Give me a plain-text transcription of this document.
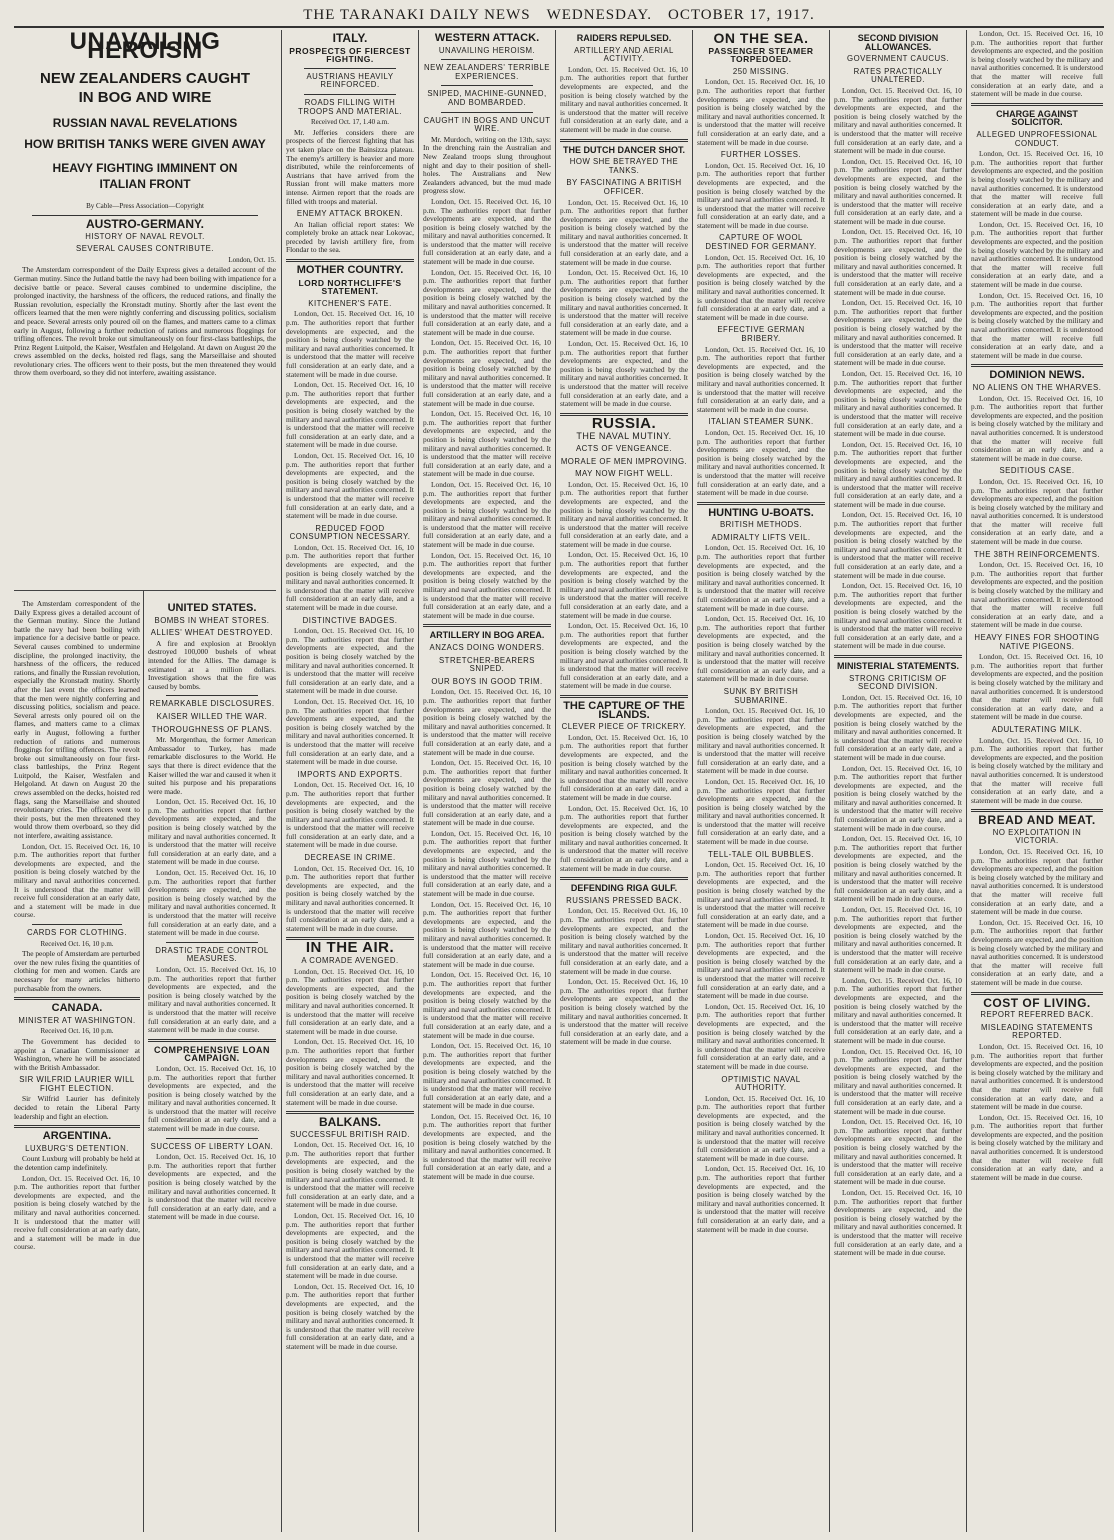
THE TARANAKI DAILY NEWS WEDNESDAY. OCTOBER 17, 1917.
UNAVAILING HEROISM
NEW ZEALANDERS CAUGHT IN BOG AND WIRE
RUSSIAN NAVAL REVELATIONS
HOW BRITISH TANKS WERE GIVEN AWAY
HEAVY FIGHTING IMMINENT ON ITALIAN FRONT
By Cable—Press Association—Copyright
AUSTRO-GERMANY.
HISTORY OF NAVAL REVOLT.
SEVERAL CAUSES CONTRIBUTE.
London, Oct. 15.

The Amsterdam correspondent of the Daily Express gives a detailed account of the German mutiny. Since the Jutland battle the navy had been boiling with impatience for a decisive battle or peace. Several causes combined to undermine discipline, the prolonged inactivity, the harshness of the officers, the reduced rations, and finally the Russian revolution, especially the Kronstadt mutiny. Shortly after the last event the officers learned that the men were nightly conferring and discussing politics, socialism and peace. Several arrests only poured oil on the flames, and matters came to a climax early in August, following a further reduction of rations and numerous floggings for trifling offences. The revolt broke out simultaneously on four first-class battleships, the Prinz Regent Luitpold, the Kaiser, Westfalen and Helgoland. At dawn on August 20 the crews assembled on the decks, hoisted red flags, sang the Marseillaise and shouted revolutionary cries. The officers went to their posts, but the men threatened they would throw them overboard, so they did not interfere, awaiting assistance.

The Amsterdam correspondent of the Daily Express gives a detailed account of the German mutiny. Since the Jutland battle the navy had been boiling with impatience for a decisive battle or peace. Several causes combined to undermine discipline, the prolonged inactivity, the harshness of the officers, the reduced rations, and finally the Russian revolution, especially the Kronstadt mutiny. Shortly after the last event the officers learned that the men were nightly conferring and discussing politics, socialism and peace. Several arrests only poured oil on the flames, and matters came to a climax early in August, following a further reduction of rations and numerous floggings for trifling offences. The revolt broke out simultaneously on four first-class battleships, the Prinz Regent Luitpold, the Kaiser, Westfalen and Helgoland. At dawn on August 20 the crews assembled on the decks, hoisted red flags, sang the Marseillaise and shouted revolutionary cries. The officers went to their posts, but the men threatened they would throw them overboard, so they did not interfere, awaiting assistance.

London, Oct. 15. Received Oct. 16, 10 p.m. The authorities report that further developments are expected, and the position is being closely watched by the military and naval authorities concerned. It is understood that the matter will receive full consideration at an early date, and a statement will be made in due course.

CARDS FOR CLOTHING.
Received Oct. 16, 10 p.m.

The people of Amsterdam are perturbed over the new rules fixing the quantities of clothing for men and women. Cards are necessary for many articles hitherto purchasable from the owners.

CANADA.
MINISTER AT WASHINGTON.
Received Oct. 16, 10 p.m.

The Government has decided to appoint a Canadian Commissioner at Washington, where he will be associated with the British Ambassador.

SIR WILFRID LAURIER WILL FIGHT ELECTION.

Sir Wilfrid Laurier has definitely decided to retain the Liberal Party leadership and fight an election.

ARGENTINA.
LUXBURG'S DETENTION.

Count Luxburg will probably be held at the detention camp indefinitely.

London, Oct. 15. Received Oct. 16, 10 p.m. The authorities report that further developments are expected, and the position is being closely watched by the military and naval authorities concerned. It is understood that the matter will receive full consideration at an early date, and a statement will be made in due course.

UNITED STATES.
BOMBS IN WHEAT STORES.
ALLIES' WHEAT DESTROYED.

A fire and explosion at Brooklyn destroyed 100,000 bushels of wheat intended for the Allies. The damage is estimated at a million dollars. Investigation shows that the fire was caused by bombs.

REMARKABLE DISCLOSURES.
KAISER WILLED THE WAR.
THOROUGHNESS OF PLANS.

Mr. Morgenthau, the former American Ambassador to Turkey, has made remarkable disclosures to the World. He says that there is direct evidence that the Kaiser willed the war and caused it when it suited his purpose and his preparations were made.

London, Oct. 15. Received Oct. 16, 10 p.m. The authorities report that further developments are expected, and the position is being closely watched by the military and naval authorities concerned. It is understood that the matter will receive full consideration at an early date, and a statement will be made in due course.

London, Oct. 15. Received Oct. 16, 10 p.m. The authorities report that further developments are expected, and the position is being closely watched by the military and naval authorities concerned. It is understood that the matter will receive full consideration at an early date, and a statement will be made in due course.

DRASTIC TRADE CONTROL MEASURES.

London, Oct. 15. Received Oct. 16, 10 p.m. The authorities report that further developments are expected, and the position is being closely watched by the military and naval authorities concerned. It is understood that the matter will receive full consideration at an early date, and a statement will be made in due course.

COMPREHENSIVE LOAN CAMPAIGN.

London, Oct. 15. Received Oct. 16, 10 p.m. The authorities report that further developments are expected, and the position is being closely watched by the military and naval authorities concerned. It is understood that the matter will receive full consideration at an early date, and a statement will be made in due course.

SUCCESS OF LIBERTY LOAN.

London, Oct. 15. Received Oct. 16, 10 p.m. The authorities report that further developments are expected, and the position is being closely watched by the military and naval authorities concerned. It is understood that the matter will receive full consideration at an early date, and a statement will be made in due course.

ITALY.
PROSPECTS OF FIERCEST FIGHTING.
AUSTRIANS HEAVILY REINFORCED.
ROADS FILLING WITH TROOPS AND MATERIAL.
Received Oct. 17, 1.40 a.m.

Mr. Jefferies considers there are prospects of the fiercest fighting that has yet taken place on the Bainsizza plateau. The enemy's artillery is heavier and more distributed, while the reinforcements of Austrians that have arrived from the Russian front will make matters more intense. Airmen report that the roads are filled with troops and material.

ENEMY ATTACK BROKEN.

An Italian official report states: We completely broke an attack near Lokovac, preceded by lavish artillery fire, from Flondar to the sea.

MOTHER COUNTRY.
LORD NORTHCLIFFE'S STATEMENT.
KITCHENER'S FATE.

London, Oct. 15. Received Oct. 16, 10 p.m. The authorities report that further developments are expected, and the position is being closely watched by the military and naval authorities concerned. It is understood that the matter will receive full consideration at an early date, and a statement will be made in due course.

London, Oct. 15. Received Oct. 16, 10 p.m. The authorities report that further developments are expected, and the position is being closely watched by the military and naval authorities concerned. It is understood that the matter will receive full consideration at an early date, and a statement will be made in due course.

London, Oct. 15. Received Oct. 16, 10 p.m. The authorities report that further developments are expected, and the position is being closely watched by the military and naval authorities concerned. It is understood that the matter will receive full consideration at an early date, and a statement will be made in due course.

REDUCED FOOD CONSUMPTION NECESSARY.

London, Oct. 15. Received Oct. 16, 10 p.m. The authorities report that further developments are expected, and the position is being closely watched by the military and naval authorities concerned. It is understood that the matter will receive full consideration at an early date, and a statement will be made in due course.

DISTINCTIVE BADGES.

London, Oct. 15. Received Oct. 16, 10 p.m. The authorities report that further developments are expected, and the position is being closely watched by the military and naval authorities concerned. It is understood that the matter will receive full consideration at an early date, and a statement will be made in due course.

London, Oct. 15. Received Oct. 16, 10 p.m. The authorities report that further developments are expected, and the position is being closely watched by the military and naval authorities concerned. It is understood that the matter will receive full consideration at an early date, and a statement will be made in due course.

IMPORTS AND EXPORTS.

London, Oct. 15. Received Oct. 16, 10 p.m. The authorities report that further developments are expected, and the position is being closely watched by the military and naval authorities concerned. It is understood that the matter will receive full consideration at an early date, and a statement will be made in due course.

DECREASE IN CRIME.

London, Oct. 15. Received Oct. 16, 10 p.m. The authorities report that further developments are expected, and the position is being closely watched by the military and naval authorities concerned. It is understood that the matter will receive full consideration at an early date, and a statement will be made in due course.

IN THE AIR.
A COMRADE AVENGED.

London, Oct. 15. Received Oct. 16, 10 p.m. The authorities report that further developments are expected, and the position is being closely watched by the military and naval authorities concerned. It is understood that the matter will receive full consideration at an early date, and a statement will be made in due course.

London, Oct. 15. Received Oct. 16, 10 p.m. The authorities report that further developments are expected, and the position is being closely watched by the military and naval authorities concerned. It is understood that the matter will receive full consideration at an early date, and a statement will be made in due course.

BALKANS.
SUCCESSFUL BRITISH RAID.

London, Oct. 15. Received Oct. 16, 10 p.m. The authorities report that further developments are expected, and the position is being closely watched by the military and naval authorities concerned. It is understood that the matter will receive full consideration at an early date, and a statement will be made in due course.

London, Oct. 15. Received Oct. 16, 10 p.m. The authorities report that further developments are expected, and the position is being closely watched by the military and naval authorities concerned. It is understood that the matter will receive full consideration at an early date, and a statement will be made in due course.

London, Oct. 15. Received Oct. 16, 10 p.m. The authorities report that further developments are expected, and the position is being closely watched by the military and naval authorities concerned. It is understood that the matter will receive full consideration at an early date, and a statement will be made in due course.

WESTERN ATTACK.
UNAVAILING HEROISM.
NEW ZEALANDERS' TERRIBLE EXPERIENCES.
SNIPED, MACHINE-GUNNED, AND BOMBARDED.
CAUGHT IN BOGS AND UNCUT WIRE.

Mr. Murdoch, writing on the 13th, says: In the drenching rain the Australian and New Zealand troops slung throughout night and day to their position of shell-holes. The Australians and New Zealanders advanced, but the mud made progress slow.

London, Oct. 15. Received Oct. 16, 10 p.m. The authorities report that further developments are expected, and the position is being closely watched by the military and naval authorities concerned. It is understood that the matter will receive full consideration at an early date, and a statement will be made in due course.

London, Oct. 15. Received Oct. 16, 10 p.m. The authorities report that further developments are expected, and the position is being closely watched by the military and naval authorities concerned. It is understood that the matter will receive full consideration at an early date, and a statement will be made in due course.

London, Oct. 15. Received Oct. 16, 10 p.m. The authorities report that further developments are expected, and the position is being closely watched by the military and naval authorities concerned. It is understood that the matter will receive full consideration at an early date, and a statement will be made in due course.

London, Oct. 15. Received Oct. 16, 10 p.m. The authorities report that further developments are expected, and the position is being closely watched by the military and naval authorities concerned. It is understood that the matter will receive full consideration at an early date, and a statement will be made in due course.

London, Oct. 15. Received Oct. 16, 10 p.m. The authorities report that further developments are expected, and the position is being closely watched by the military and naval authorities concerned. It is understood that the matter will receive full consideration at an early date, and a statement will be made in due course.

London, Oct. 15. Received Oct. 16, 10 p.m. The authorities report that further developments are expected, and the position is being closely watched by the military and naval authorities concerned. It is understood that the matter will receive full consideration at an early date, and a statement will be made in due course.

ARTILLERY IN BOG AREA.
ANZACS DOING WONDERS.
STRETCHER-BEARERS SNIPED.
OUR BOYS IN GOOD TRIM.

London, Oct. 15. Received Oct. 16, 10 p.m. The authorities report that further developments are expected, and the position is being closely watched by the military and naval authorities concerned. It is understood that the matter will receive full consideration at an early date, and a statement will be made in due course.

London, Oct. 15. Received Oct. 16, 10 p.m. The authorities report that further developments are expected, and the position is being closely watched by the military and naval authorities concerned. It is understood that the matter will receive full consideration at an early date, and a statement will be made in due course.

London, Oct. 15. Received Oct. 16, 10 p.m. The authorities report that further developments are expected, and the position is being closely watched by the military and naval authorities concerned. It is understood that the matter will receive full consideration at an early date, and a statement will be made in due course.

London, Oct. 15. Received Oct. 16, 10 p.m. The authorities report that further developments are expected, and the position is being closely watched by the military and naval authorities concerned. It is understood that the matter will receive full consideration at an early date, and a statement will be made in due course.

London, Oct. 15. Received Oct. 16, 10 p.m. The authorities report that further developments are expected, and the position is being closely watched by the military and naval authorities concerned. It is understood that the matter will receive full consideration at an early date, and a statement will be made in due course.

London, Oct. 15. Received Oct. 16, 10 p.m. The authorities report that further developments are expected, and the position is being closely watched by the military and naval authorities concerned. It is understood that the matter will receive full consideration at an early date, and a statement will be made in due course.

London, Oct. 15. Received Oct. 16, 10 p.m. The authorities report that further developments are expected, and the position is being closely watched by the military and naval authorities concerned. It is understood that the matter will receive full consideration at an early date, and a statement will be made in due course.

RAIDERS REPULSED.
ARTILLERY AND AERIAL ACTIVITY.

London, Oct. 15. Received Oct. 16, 10 p.m. The authorities report that further developments are expected, and the position is being closely watched by the military and naval authorities concerned. It is understood that the matter will receive full consideration at an early date, and a statement will be made in due course.

THE DUTCH DANCER SHOT.
HOW SHE BETRAYED THE TANKS.
BY FASCINATING A BRITISH OFFICER.

London, Oct. 15. Received Oct. 16, 10 p.m. The authorities report that further developments are expected, and the position is being closely watched by the military and naval authorities concerned. It is understood that the matter will receive full consideration at an early date, and a statement will be made in due course.

London, Oct. 15. Received Oct. 16, 10 p.m. The authorities report that further developments are expected, and the position is being closely watched by the military and naval authorities concerned. It is understood that the matter will receive full consideration at an early date, and a statement will be made in due course.

London, Oct. 15. Received Oct. 16, 10 p.m. The authorities report that further developments are expected, and the position is being closely watched by the military and naval authorities concerned. It is understood that the matter will receive full consideration at an early date, and a statement will be made in due course.

RUSSIA.
THE NAVAL MUTINY.
ACTS OF VENGEANCE.
MORALE OF MEN IMPROVING.
MAY NOW FIGHT WELL.

London, Oct. 15. Received Oct. 16, 10 p.m. The authorities report that further developments are expected, and the position is being closely watched by the military and naval authorities concerned. It is understood that the matter will receive full consideration at an early date, and a statement will be made in due course.

London, Oct. 15. Received Oct. 16, 10 p.m. The authorities report that further developments are expected, and the position is being closely watched by the military and naval authorities concerned. It is understood that the matter will receive full consideration at an early date, and a statement will be made in due course.

London, Oct. 15. Received Oct. 16, 10 p.m. The authorities report that further developments are expected, and the position is being closely watched by the military and naval authorities concerned. It is understood that the matter will receive full consideration at an early date, and a statement will be made in due course.

THE CAPTURE OF THE ISLANDS.
CLEVER PIECE OF TRICKERY.

London, Oct. 15. Received Oct. 16, 10 p.m. The authorities report that further developments are expected, and the position is being closely watched by the military and naval authorities concerned. It is understood that the matter will receive full consideration at an early date, and a statement will be made in due course.

London, Oct. 15. Received Oct. 16, 10 p.m. The authorities report that further developments are expected, and the position is being closely watched by the military and naval authorities concerned. It is understood that the matter will receive full consideration at an early date, and a statement will be made in due course.

DEFENDING RIGA GULF.
RUSSIANS PRESSED BACK.

London, Oct. 15. Received Oct. 16, 10 p.m. The authorities report that further developments are expected, and the position is being closely watched by the military and naval authorities concerned. It is understood that the matter will receive full consideration at an early date, and a statement will be made in due course.

London, Oct. 15. Received Oct. 16, 10 p.m. The authorities report that further developments are expected, and the position is being closely watched by the military and naval authorities concerned. It is understood that the matter will receive full consideration at an early date, and a statement will be made in due course.

ON THE SEA.
PASSENGER STEAMER TORPEDOED.
250 MISSING.

London, Oct. 15. Received Oct. 16, 10 p.m. The authorities report that further developments are expected, and the position is being closely watched by the military and naval authorities concerned. It is understood that the matter will receive full consideration at an early date, and a statement will be made in due course.

FURTHER LOSSES.

London, Oct. 15. Received Oct. 16, 10 p.m. The authorities report that further developments are expected, and the position is being closely watched by the military and naval authorities concerned. It is understood that the matter will receive full consideration at an early date, and a statement will be made in due course.

CAPTURE OF WOOL DESTINED FOR GERMANY.

London, Oct. 15. Received Oct. 16, 10 p.m. The authorities report that further developments are expected, and the position is being closely watched by the military and naval authorities concerned. It is understood that the matter will receive full consideration at an early date, and a statement will be made in due course.

EFFECTIVE GERMAN BRIBERY.

London, Oct. 15. Received Oct. 16, 10 p.m. The authorities report that further developments are expected, and the position is being closely watched by the military and naval authorities concerned. It is understood that the matter will receive full consideration at an early date, and a statement will be made in due course.

ITALIAN STEAMER SUNK.

London, Oct. 15. Received Oct. 16, 10 p.m. The authorities report that further developments are expected, and the position is being closely watched by the military and naval authorities concerned. It is understood that the matter will receive full consideration at an early date, and a statement will be made in due course.

HUNTING U-BOATS.
BRITISH METHODS.
ADMIRALTY LIFTS VEIL.

London, Oct. 15. Received Oct. 16, 10 p.m. The authorities report that further developments are expected, and the position is being closely watched by the military and naval authorities concerned. It is understood that the matter will receive full consideration at an early date, and a statement will be made in due course.

London, Oct. 15. Received Oct. 16, 10 p.m. The authorities report that further developments are expected, and the position is being closely watched by the military and naval authorities concerned. It is understood that the matter will receive full consideration at an early date, and a statement will be made in due course.

SUNK BY BRITISH SUBMARINE.

London, Oct. 15. Received Oct. 16, 10 p.m. The authorities report that further developments are expected, and the position is being closely watched by the military and naval authorities concerned. It is understood that the matter will receive full consideration at an early date, and a statement will be made in due course.

London, Oct. 15. Received Oct. 16, 10 p.m. The authorities report that further developments are expected, and the position is being closely watched by the military and naval authorities concerned. It is understood that the matter will receive full consideration at an early date, and a statement will be made in due course.

TELL-TALE OIL BUBBLES.

London, Oct. 15. Received Oct. 16, 10 p.m. The authorities report that further developments are expected, and the position is being closely watched by the military and naval authorities concerned. It is understood that the matter will receive full consideration at an early date, and a statement will be made in due course.

London, Oct. 15. Received Oct. 16, 10 p.m. The authorities report that further developments are expected, and the position is being closely watched by the military and naval authorities concerned. It is understood that the matter will receive full consideration at an early date, and a statement will be made in due course.

London, Oct. 15. Received Oct. 16, 10 p.m. The authorities report that further developments are expected, and the position is being closely watched by the military and naval authorities concerned. It is understood that the matter will receive full consideration at an early date, and a statement will be made in due course.

OPTIMISTIC NAVAL AUTHORITY.

London, Oct. 15. Received Oct. 16, 10 p.m. The authorities report that further developments are expected, and the position is being closely watched by the military and naval authorities concerned. It is understood that the matter will receive full consideration at an early date, and a statement will be made in due course.

London, Oct. 15. Received Oct. 16, 10 p.m. The authorities report that further developments are expected, and the position is being closely watched by the military and naval authorities concerned. It is understood that the matter will receive full consideration at an early date, and a statement will be made in due course.

SECOND DIVISION ALLOWANCES.
GOVERNMENT CAUCUS.
RATES PRACTICALLY UNALTERED.

London, Oct. 15. Received Oct. 16, 10 p.m. The authorities report that further developments are expected, and the position is being closely watched by the military and naval authorities concerned. It is understood that the matter will receive full consideration at an early date, and a statement will be made in due course.

London, Oct. 15. Received Oct. 16, 10 p.m. The authorities report that further developments are expected, and the position is being closely watched by the military and naval authorities concerned. It is understood that the matter will receive full consideration at an early date, and a statement will be made in due course.

London, Oct. 15. Received Oct. 16, 10 p.m. The authorities report that further developments are expected, and the position is being closely watched by the military and naval authorities concerned. It is understood that the matter will receive full consideration at an early date, and a statement will be made in due course.

London, Oct. 15. Received Oct. 16, 10 p.m. The authorities report that further developments are expected, and the position is being closely watched by the military and naval authorities concerned. It is understood that the matter will receive full consideration at an early date, and a statement will be made in due course.

London, Oct. 15. Received Oct. 16, 10 p.m. The authorities report that further developments are expected, and the position is being closely watched by the military and naval authorities concerned. It is understood that the matter will receive full consideration at an early date, and a statement will be made in due course.

London, Oct. 15. Received Oct. 16, 10 p.m. The authorities report that further developments are expected, and the position is being closely watched by the military and naval authorities concerned. It is understood that the matter will receive full consideration at an early date, and a statement will be made in due course.

London, Oct. 15. Received Oct. 16, 10 p.m. The authorities report that further developments are expected, and the position is being closely watched by the military and naval authorities concerned. It is understood that the matter will receive full consideration at an early date, and a statement will be made in due course.

London, Oct. 15. Received Oct. 16, 10 p.m. The authorities report that further developments are expected, and the position is being closely watched by the military and naval authorities concerned. It is understood that the matter will receive full consideration at an early date, and a statement will be made in due course.

MINISTERIAL STATEMENTS.
STRONG CRITICISM OF SECOND DIVISION.

London, Oct. 15. Received Oct. 16, 10 p.m. The authorities report that further developments are expected, and the position is being closely watched by the military and naval authorities concerned. It is understood that the matter will receive full consideration at an early date, and a statement will be made in due course.

London, Oct. 15. Received Oct. 16, 10 p.m. The authorities report that further developments are expected, and the position is being closely watched by the military and naval authorities concerned. It is understood that the matter will receive full consideration at an early date, and a statement will be made in due course.

London, Oct. 15. Received Oct. 16, 10 p.m. The authorities report that further developments are expected, and the position is being closely watched by the military and naval authorities concerned. It is understood that the matter will receive full consideration at an early date, and a statement will be made in due course.

London, Oct. 15. Received Oct. 16, 10 p.m. The authorities report that further developments are expected, and the position is being closely watched by the military and naval authorities concerned. It is understood that the matter will receive full consideration at an early date, and a statement will be made in due course.

London, Oct. 15. Received Oct. 16, 10 p.m. The authorities report that further developments are expected, and the position is being closely watched by the military and naval authorities concerned. It is understood that the matter will receive full consideration at an early date, and a statement will be made in due course.

London, Oct. 15. Received Oct. 16, 10 p.m. The authorities report that further developments are expected, and the position is being closely watched by the military and naval authorities concerned. It is understood that the matter will receive full consideration at an early date, and a statement will be made in due course.

London, Oct. 15. Received Oct. 16, 10 p.m. The authorities report that further developments are expected, and the position is being closely watched by the military and naval authorities concerned. It is understood that the matter will receive full consideration at an early date, and a statement will be made in due course.

London, Oct. 15. Received Oct. 16, 10 p.m. The authorities report that further developments are expected, and the position is being closely watched by the military and naval authorities concerned. It is understood that the matter will receive full consideration at an early date, and a statement will be made in due course.

London, Oct. 15. Received Oct. 16, 10 p.m. The authorities report that further developments are expected, and the position is being closely watched by the military and naval authorities concerned. It is understood that the matter will receive full consideration at an early date, and a statement will be made in due course.

CHARGE AGAINST SOLICITOR.
ALLEGED UNPROFESSIONAL CONDUCT.

London, Oct. 15. Received Oct. 16, 10 p.m. The authorities report that further developments are expected, and the position is being closely watched by the military and naval authorities concerned. It is understood that the matter will receive full consideration at an early date, and a statement will be made in due course.

London, Oct. 15. Received Oct. 16, 10 p.m. The authorities report that further developments are expected, and the position is being closely watched by the military and naval authorities concerned. It is understood that the matter will receive full consideration at an early date, and a statement will be made in due course.

London, Oct. 15. Received Oct. 16, 10 p.m. The authorities report that further developments are expected, and the position is being closely watched by the military and naval authorities concerned. It is understood that the matter will receive full consideration at an early date, and a statement will be made in due course.

DOMINION NEWS.
NO ALIENS ON THE WHARVES.

London, Oct. 15. Received Oct. 16, 10 p.m. The authorities report that further developments are expected, and the position is being closely watched by the military and naval authorities concerned. It is understood that the matter will receive full consideration at an early date, and a statement will be made in due course.

SEDITIOUS CASE.

London, Oct. 15. Received Oct. 16, 10 p.m. The authorities report that further developments are expected, and the position is being closely watched by the military and naval authorities concerned. It is understood that the matter will receive full consideration at an early date, and a statement will be made in due course.

THE 38TH REINFORCEMENTS.

London, Oct. 15. Received Oct. 16, 10 p.m. The authorities report that further developments are expected, and the position is being closely watched by the military and naval authorities concerned. It is understood that the matter will receive full consideration at an early date, and a statement will be made in due course.

HEAVY FINES FOR SHOOTING NATIVE PIGEONS.

London, Oct. 15. Received Oct. 16, 10 p.m. The authorities report that further developments are expected, and the position is being closely watched by the military and naval authorities concerned. It is understood that the matter will receive full consideration at an early date, and a statement will be made in due course.

ADULTERATING MILK.

London, Oct. 15. Received Oct. 16, 10 p.m. The authorities report that further developments are expected, and the position is being closely watched by the military and naval authorities concerned. It is understood that the matter will receive full consideration at an early date, and a statement will be made in due course.

BREAD AND MEAT.
NO EXPLOITATION IN VICTORIA.

London, Oct. 15. Received Oct. 16, 10 p.m. The authorities report that further developments are expected, and the position is being closely watched by the military and naval authorities concerned. It is understood that the matter will receive full consideration at an early date, and a statement will be made in due course.

London, Oct. 15. Received Oct. 16, 10 p.m. The authorities report that further developments are expected, and the position is being closely watched by the military and naval authorities concerned. It is understood that the matter will receive full consideration at an early date, and a statement will be made in due course.

COST OF LIVING.
REPORT REFERRED BACK.
MISLEADING STATEMENTS REPORTED.

London, Oct. 15. Received Oct. 16, 10 p.m. The authorities report that further developments are expected, and the position is being closely watched by the military and naval authorities concerned. It is understood that the matter will receive full consideration at an early date, and a statement will be made in due course.

London, Oct. 15. Received Oct. 16, 10 p.m. The authorities report that further developments are expected, and the position is being closely watched by the military and naval authorities concerned. It is understood that the matter will receive full consideration at an early date, and a statement will be made in due course.
